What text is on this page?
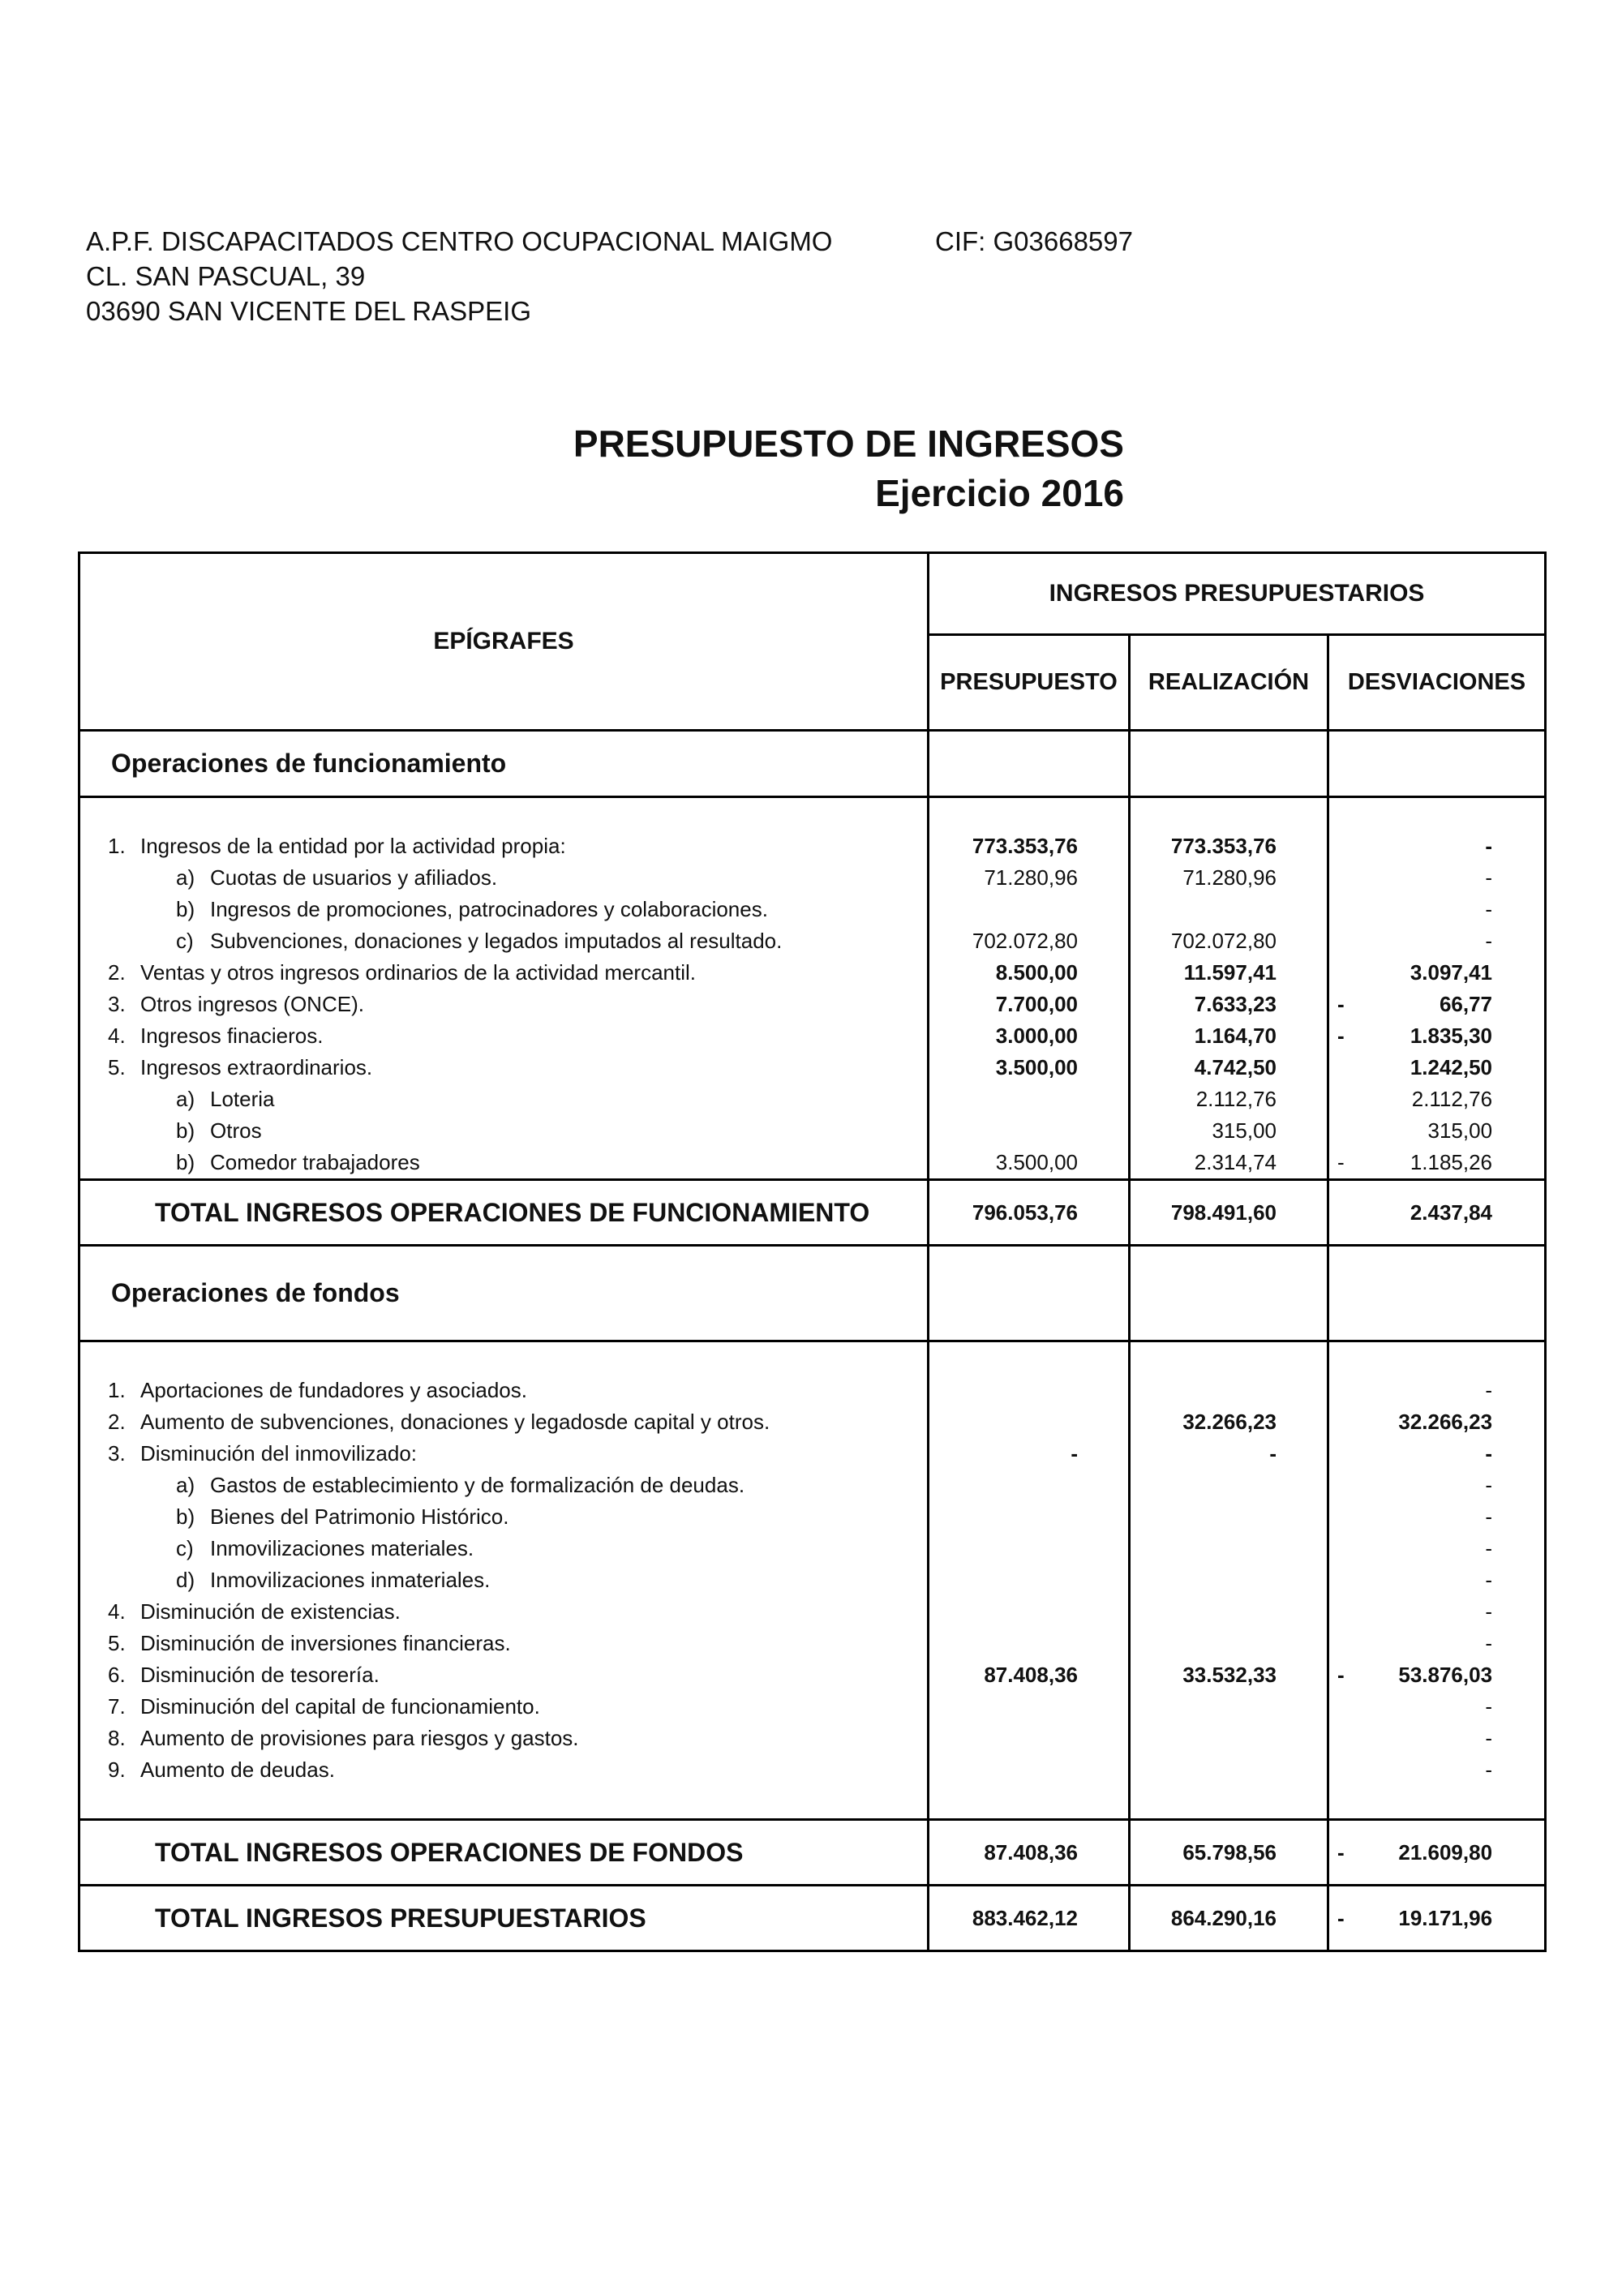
A.P.F. DISCAPACITADOS CENTRO OCUPACIONAL MAIGMO	CIF: G03668597
CL. SAN PASCUAL, 39
03690 SAN VICENTE DEL RASPEIG
PRESUPUESTO DE INGRESOS
Ejercicio 2016
EPÍGRAFES	INGRESOS PRESUPUESTARIOS		
	PRESUPUESTO	REALIZACIÓN	DESVIACIONES
Operaciones de funcionamiento			

1. Ingresos de la entidad por la actividad propia:	773.353,76	773.353,76	-
a) Cuotas de usuarios y afiliados.	71.280,96	71.280,96	-
b) Ingresos de promociones, patrocinadores y colaboraciones.			-
c) Subvenciones, donaciones y legados imputados al resultado.	702.072,80	702.072,80	-
2. Ventas y otros ingresos ordinarios de la actividad mercantil.	8.500,00	11.597,41	3.097,41
3. Otros ingresos (ONCE).	7.700,00	7.633,23	- 66,77
4. Ingresos finacieros.	3.000,00	1.164,70	- 1.835,30
5. Ingresos extraordinarios.	3.500,00	4.742,50	1.242,50
a) Loteria		2.112,76	2.112,76
b) Otros		315,00	315,00
b) Comedor trabajadores	3.500,00	2.314,74	- 1.185,26
TOTAL INGRESOS OPERACIONES DE FUNCIONAMIENTO	796.053,76	798.491,60	2.437,84
Operaciones de fondos			

1. Aportaciones de fundadores y asociados.			-
2. Aumento de subvenciones, donaciones y legadosde capital y otros.		32.266,23	32.266,23
3. Disminución del inmovilizado:	-	-	-
a) Gastos de establecimiento y de formalización de deudas.			-
b) Bienes del Patrimonio Histórico.			-
c) Inmovilizaciones materiales.			-
d) Inmovilizaciones inmateriales.			-
4. Disminución de existencias.			-
5. Disminución de inversiones financieras.			-
6. Disminución de tesorería.	87.408,36	33.532,33	- 53.876,03
7. Disminución del capital de funcionamiento.			-
8. Aumento de provisiones para riesgos y gastos.			-
9. Aumento de deudas.			-

TOTAL INGRESOS OPERACIONES DE FONDOS	87.408,36	65.798,56	- 21.609,80
TOTAL INGRESOS PRESUPUESTARIOS	883.462,12	864.290,16	- 19.171,96
